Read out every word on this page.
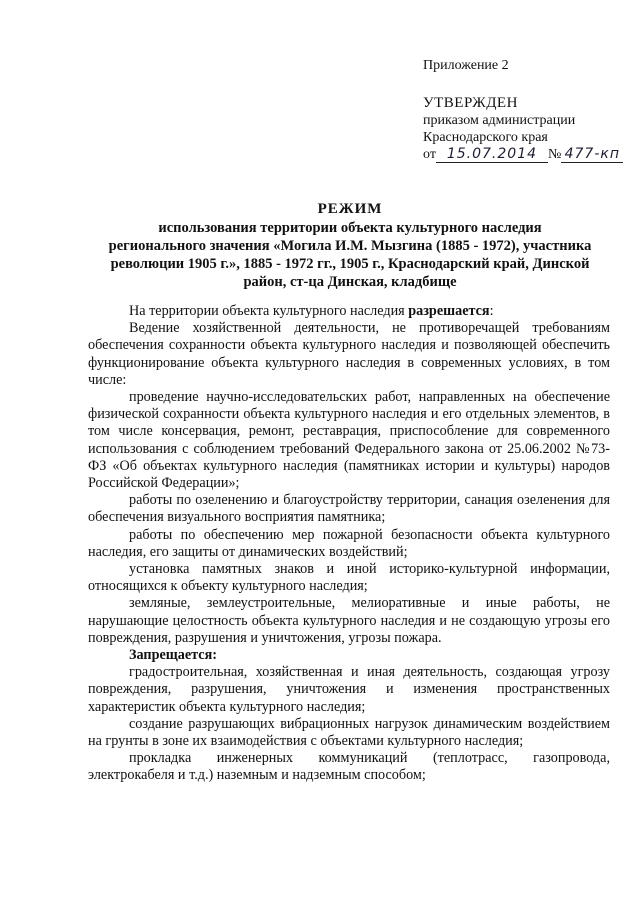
Приложение 2
УТВЕРЖДЕН
приказом администрации
Краснодарского края
от 15.07.2014 № 477-кп
РЕЖИМ
использования территории объекта культурного наследия
регионального значения «Могила И.М. Мызгина (1885 - 1972), участника
революции 1905 г.», 1885 - 1972 гг., 1905 г., Краснодарский край, Динской
район, ст-ца Динская, кладбище

На территории объекта культурного наследия разрешается:

Ведение хозяйственной деятельности, не противоречащей требованиям обеспечения сохранности объекта культурного наследия и позволяющей обеспечить функционирование объекта культурного наследия в современных условиях, в том числе:

проведение научно-исследовательских работ, направленных на обеспечение физической сохранности объекта культурного наследия и его отдельных элементов, в том числе консервация, ремонт, реставрация, приспособление для современного использования с соблюдением требований Федерального закона от 25.06.2002 №73-ФЗ «Об объектах культурного наследия (памятниках истории и культуры) народов Российской Федерации»;

работы по озеленению и благоустройству территории, санация озеленения для обеспечения визуального восприятия памятника;

работы по обеспечению мер пожарной безопасности объекта культурного наследия, его защиты от динамических воздействий;

установка памятных знаков и иной историко-культурной информации, относящихся к объекту культурного наследия;

земляные, землеустроительные, мелиоративные и иные работы, не нарушающие целостность объекта культурного наследия и не создающую угрозы его повреждения, разрушения и уничтожения, угрозы пожара.

Запрещается:

градостроительная, хозяйственная и иная деятельность, создающая угрозу повреждения, разрушения, уничтожения и изменения пространственных характеристик объекта культурного наследия;

создание разрушающих вибрационных нагрузок динамическим воздействием на грунты в зоне их взаимодействия с объектами культурного наследия;

прокладка инженерных коммуникаций (теплотрасс, газопровода, электрокабеля и т.д.) наземным и надземным способом;
